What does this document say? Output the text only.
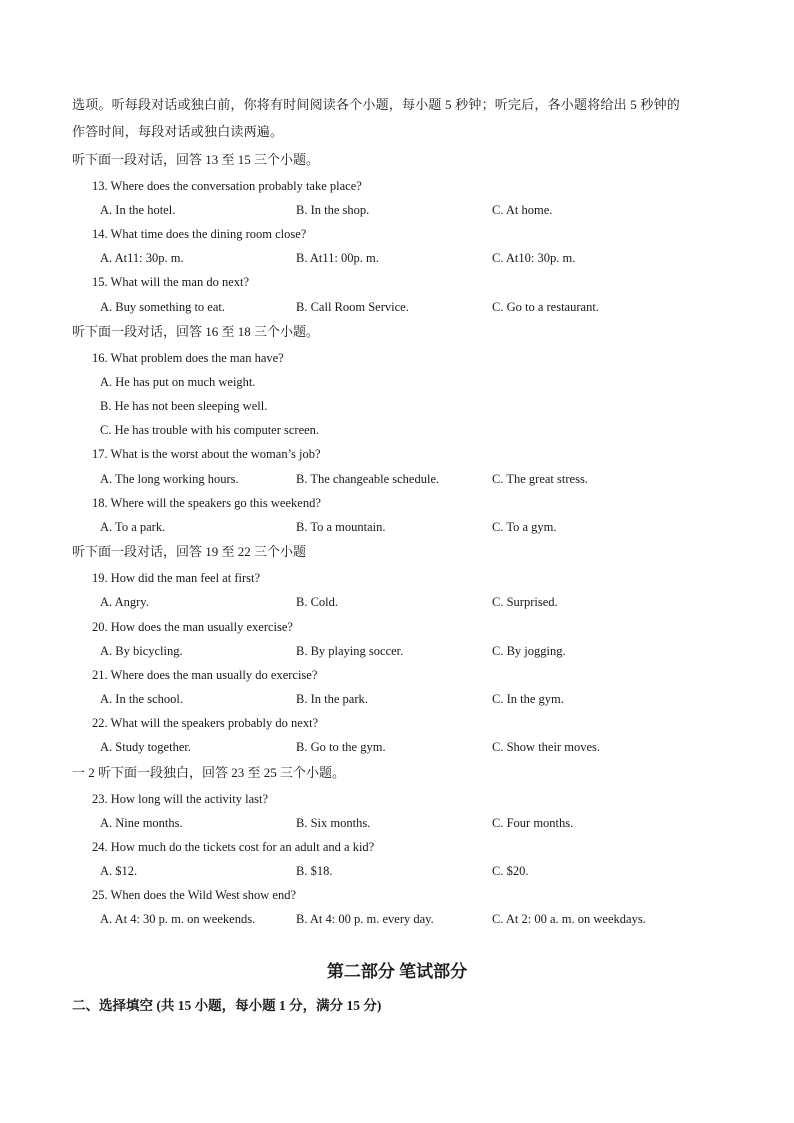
选项。听每段对话或独白前，你将有时间阅读各个小题，每小题 5 秒钟；听完后，各小题将给出 5 秒钟的
作答时间，每段对话或独白读两遍。
听下面一段对话，回答 13 至 15 三个小题。
13. Where does the conversation probably take place?
A. In the hotel.	B. In the shop.	C. At home.
14. What time does the dining room close?
A. At11: 30p. m.	B. At11: 00p. m.	C. At10: 30p. m.
15. What will the man do next?
A. Buy something to eat.	B. Call Room Service.	C. Go to a restaurant.
听下面一段对话，回答 16 至 18 三个小题。
16. What problem does the man have?
A. He has put on much weight.
B. He has not been sleeping well.
C. He has trouble with his computer screen.
17. What is the worst about the woman’s job?
A. The long working hours.	B. The changeable schedule.	C. The great stress.
18. Where will the speakers go this weekend?
A. To a park.	B. To a mountain.	C. To a gym.
听下面一段对话，回答 19 至 22 三个小题
19. How did the man feel at first?
A. Angry.	B. Cold.	C. Surprised.
20. How does the man usually exercise?
A. By bicycling.	B. By playing soccer.	C. By jogging.
21. Where does the man usually do exercise?
A. In the school.	B. In the park.	C. In the gym.
22. What will the speakers probably do next?
A. Study together.	B. Go to the gym.	C. Show their moves.
一 2 听下面一段独白，回答 23 至 25 三个小题。
23. How long will the activity last?
A. Nine months.	B. Six months.	C. Four months.
24. How much do the tickets cost for an adult and a kid?
A. $12.	B. $18.	C. $20.
25. When does the Wild West show end?
A. At 4: 30 p. m. on weekends.	B. At 4: 00 p. m. every day.	C. At 2: 00 a. m. on weekdays.
第二部分 笔试部分
二、选择填空 (共 15 小题，每小题 1 分，满分 15 分)
